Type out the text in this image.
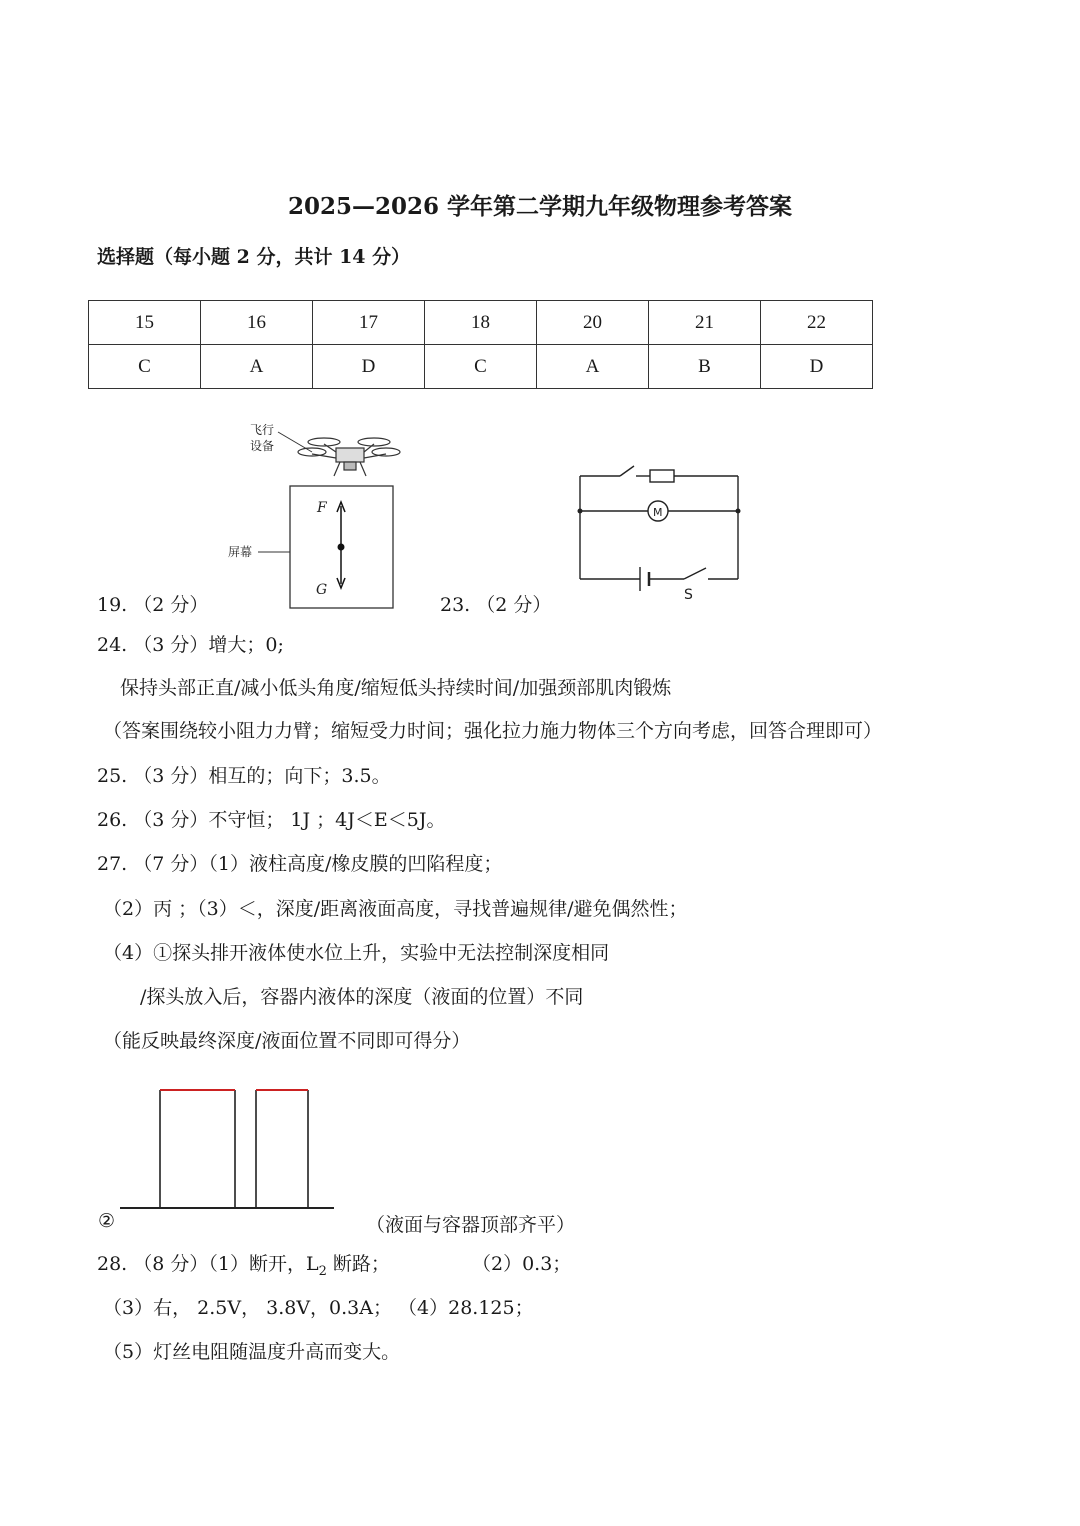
2025—2026 学年第二学期九年级物理参考答案
选择题（每小题 2 分，共计 14 分）
15	16	17	18	20	21	22
C	A	D	C	A	B	D
飞行
设备
屏幕
F
G
M
S
19. （2 分）	23. （2 分）
24. （3 分）增大；0;
保持头部正直/减小低头角度/缩短低头持续时间/加强颈部肌肉锻炼
（答案围绕较小阻力力臂；缩短受力时间；强化拉力施力物体三个方向考虑，回答合理即可）
25. （3 分）相互的；向下；3.5。
26. （3 分）不守恒； 1J ；4J＜E＜5J。
27. （7 分）（1）液柱高度/橡皮膜的凹陷程度；
（2）丙 ；（3）＜，深度/距离液面高度，寻找普遍规律/避免偶然性；
（4）①探头排开液体使水位上升，实验中无法控制深度相同
/探头放入后，容器内液体的深度（液面的位置）不同
（能反映最终深度/液面位置不同即可得分）
②	（液面与容器顶部齐平）
28. （8 分）（1）断开，$L_2$ 断路；	（2）0.3；
（3）右， 2.5V， 3.8V，0.3A； （4）28.125；
（5）灯丝电阻随温度升高而变大。
